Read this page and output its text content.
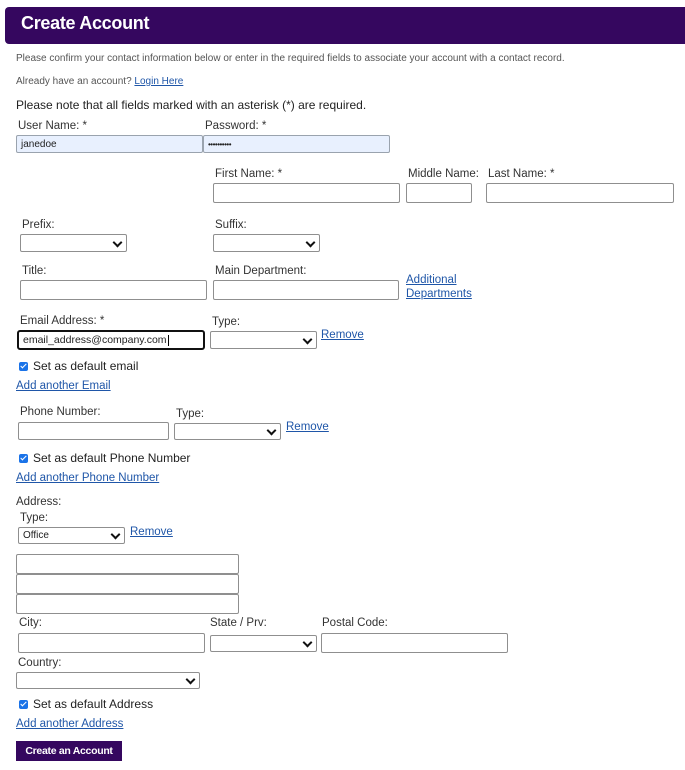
Create Account
Please confirm your contact information below or enter in the required fields to associate your account with a contact record.
Already have an account? Login Here
Please note that all fields marked with an asterisk (*) are required.
User Name: *
janedoe
Password: *
••••••••••
First Name: *	Middle Name: Last Name: *
Prefix:	Suffix:
Title:	Main Department:
Additional
Departments
Email Address: *
email_address@company.com
Type:
Remove
Set as default email
Add another Email
Phone Number:	Type:
Remove
Set as default Phone Number
Add another Phone Number
Address:
Type:
Office	Remove
City:	State / Prv:	Postal Code:
Country:
Set as default Address
Add another Address
Create an Account
